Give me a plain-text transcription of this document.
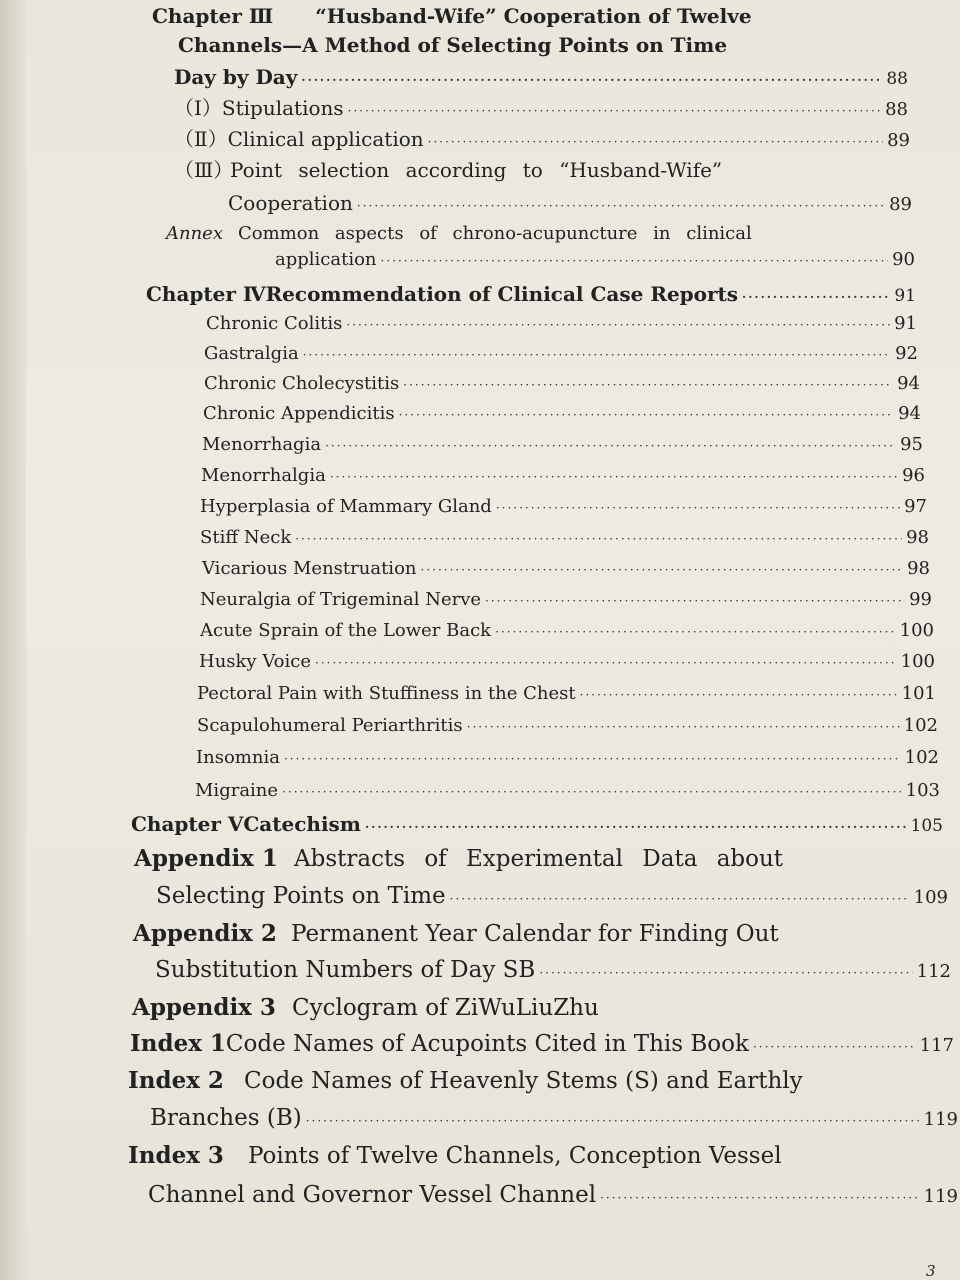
Chapter Ⅲ “Husband-Wife” Cooperation of Twelve
Channels—A Method of Selecting Points on Time
Day by Day ·····	88
（Ⅰ） Stipulations ·····	88
（Ⅱ） Clinical application ·····	89
（Ⅲ）Point selection according to “Husband-Wife”
Cooperation ·····	89
Annex Common aspects of chrono-acupuncture in clinical
application ·····	90
Chapter Ⅳ Recommendation of Clinical Case Reports ·····	91
Chronic Colitis ·····	91
Gastralgia ·····	92
Chronic Cholecystitis ·····	94
Chronic Appendicitis ·····	94
Menorrhagia ·····	95
Menorrhalgia ·····	96
Hyperplasia of Mammary Gland ·····	97
Stiff Neck ·····	98
Vicarious Menstruation ·····	98
Neuralgia of Trigeminal Nerve ·····	99
Acute Sprain of the Lower Back ·····	100
Husky Voice ·····	100
Pectoral Pain with Stuffiness in the Chest ·····	101
Scapulohumeral Periarthritis ·····	102
Insomnia ·····	102
Migraine ·····	103
Chapter Ⅴ Catechism ·····	105
Appendix 1 Abstracts of Experimental Data about
Selecting Points on Time ·····	109
Appendix 2 Permanent Year Calendar for Finding Out
Substitution Numbers of Day SB ·····	112
Appendix 3 Cyclogram of ZiWuLiuZhu
Index 1 Code Names of Acupoints Cited in This Book ·····	117
Index 2 Code Names of Heavenly Stems (S) and Earthly
Branches (B) ·····	119
Index 3 Points of Twelve Channels, Conception Vessel
Channel and Governor Vessel Channel ·····	119
3
